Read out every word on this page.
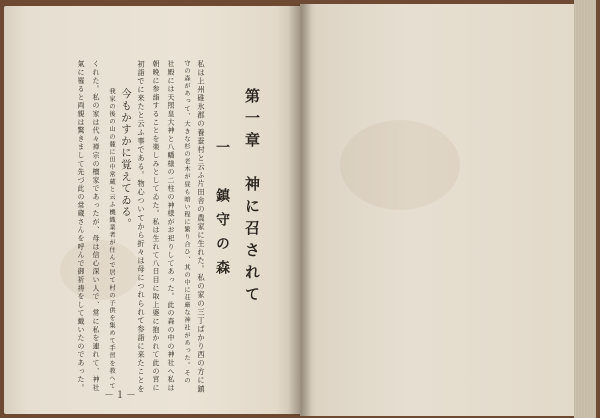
第一章　神に召されて
一　鎮守の森
私は上州碓氷郡の養蚕村と云ふ片田舎の農家に生れた。私の家の三丁ばかり西の方に鎮
守の森があって、大きな杉の老木が昼も暗い程に繁り合ひ、其の中に荘厳な神社があった。その
社殿には天照皇大神と八幡様の二柱の神様がお祀りしてあった。此の森の中の神社へ私は
朝晩に参詣することを楽しみとしてゐた。私は生れて八日目に取上婆に抱かれて此の宮に
初詣でに来たと云ふ事である。物心ついてから折々は母につれられて参詣に来たことを
今もかすかに覚えてゐる。
我家の後の山の麓に田中常蔵と云ふ機織業者が住んで居て村の子供を集めて手習を教へて
くれた。私の家は代々禅宗の檀家であったが、母は信心深い人で、常に私を連れて、神社
氣に罹ると両親は驚きまして先づ此の常蔵さんを呼んで御祈祷をして戴いたのであった。
－１－
